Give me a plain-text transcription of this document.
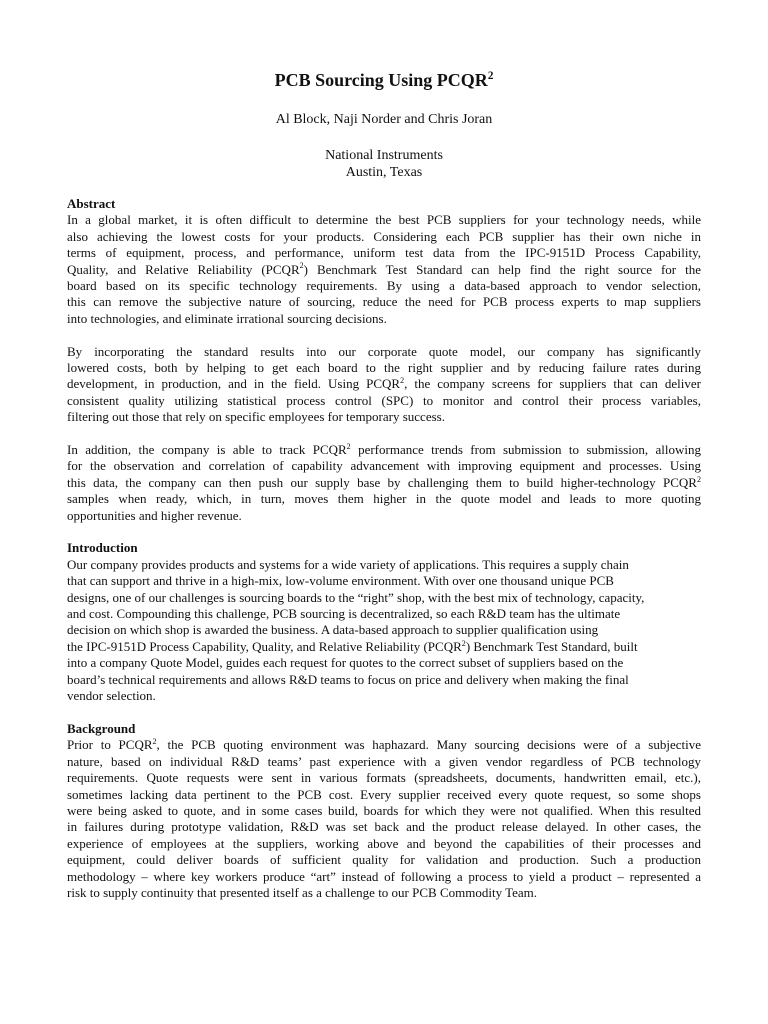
PCB Sourcing Using PCQR$^2$
Al Block, Naji Norder and Chris Joran
National Instruments
Austin, Texas
Abstract
In a global market, it is often difficult to determine the best PCB suppliers for your technology needs, while
also achieving the lowest costs for your products. Considering each PCB supplier has their own niche in
terms of equipment, process, and performance, uniform test data from the IPC-9151D Process Capability,
Quality, and Relative Reliability (PCQR$^2$) Benchmark Test Standard can help find the right source for the
board based on its specific technology requirements. By using a data-based approach to vendor selection,
this can remove the subjective nature of sourcing, reduce the need for PCB process experts to map suppliers
into technologies, and eliminate irrational sourcing decisions.
By incorporating the standard results into our corporate quote model, our company has significantly
lowered costs, both by helping to get each board to the right supplier and by reducing failure rates during
development, in production, and in the field. Using PCQR$^2$, the company screens for suppliers that can deliver
consistent quality utilizing statistical process control (SPC) to monitor and control their process variables,
filtering out those that rely on specific employees for temporary success.
In addition, the company is able to track PCQR$^2$ performance trends from submission to submission, allowing
for the observation and correlation of capability advancement with improving equipment and processes. Using
this data, the company can then push our supply base by challenging them to build higher-technology PCQR$^2$
samples when ready, which, in turn, moves them higher in the quote model and leads to more quoting
opportunities and higher revenue.
Introduction
Our company provides products and systems for a wide variety of applications. This requires a supply chain
that can support and thrive in a high-mix, low-volume environment. With over one thousand unique PCB
designs, one of our challenges is sourcing boards to the “right” shop, with the best mix of technology, capacity,
and cost. Compounding this challenge, PCB sourcing is decentralized, so each R&D team has the ultimate
decision on which shop is awarded the business. A data-based approach to supplier qualification using
the IPC-9151D Process Capability, Quality, and Relative Reliability (PCQR$^2$) Benchmark Test Standard, built
into a company Quote Model, guides each request for quotes to the correct subset of suppliers based on the
board’s technical requirements and allows R&D teams to focus on price and delivery when making the final
vendor selection.
Background
Prior to PCQR$^2$, the PCB quoting environment was haphazard. Many sourcing decisions were of a subjective
nature, based on individual R&D teams’ past experience with a given vendor regardless of PCB technology
requirements. Quote requests were sent in various formats (spreadsheets, documents, handwritten email, etc.),
sometimes lacking data pertinent to the PCB cost. Every supplier received every quote request, so some shops
were being asked to quote, and in some cases build, boards for which they were not qualified. When this resulted
in failures during prototype validation, R&D was set back and the product release delayed. In other cases, the
experience of employees at the suppliers, working above and beyond the capabilities of their processes and
equipment, could deliver boards of sufficient quality for validation and production. Such a production
methodology – where key workers produce “art” instead of following a process to yield a product – represented a
risk to supply continuity that presented itself as a challenge to our PCB Commodity Team.
